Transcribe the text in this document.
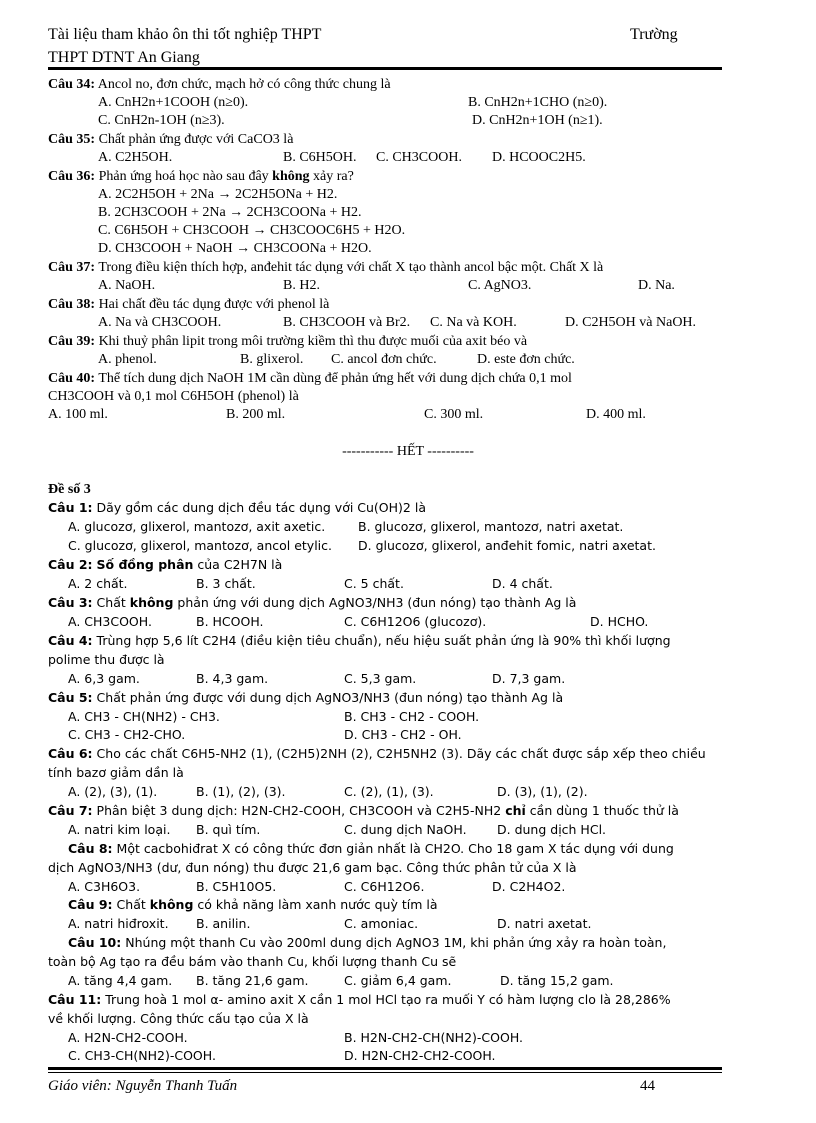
Tài liệu tham khảo ôn thi tốt nghiệp THPT	Trường
THPT DTNT An Giang
Câu 34: Ancol no, đơn chức, mạch hở có công thức chung là
A. CnH2n+1COOH (n≥0).	B. CnH2n+1CHO (n≥0).
C. CnH2n-1OH (n≥3).	D. CnH2n+1OH (n≥1).
Câu 35: Chất phản ứng được với CaCO3 là
A. C2H5OH.	B. C6H5OH. C. CH3COOH. D. HCOOC2H5.
Câu 36: Phản ứng hoá học nào sau đây không xảy ra?
A. 2C2H5OH + 2Na → 2C2H5ONa + H2.
B. 2CH3COOH + 2Na → 2CH3COONa + H2.
C. C6H5OH + CH3COOH → CH3COOC6H5 + H2O.
D. CH3COOH + NaOH → CH3COONa + H2O.
Câu 37: Trong điều kiện thích hợp, anđehit tác dụng với chất X tạo thành ancol bậc một. Chất X là
A. NaOH.	B. H2.	C. AgNO3.	D. Na.
Câu 38: Hai chất đều tác dụng được với phenol là
A. Na và CH3COOH.	B. CH3COOH và Br2. C. Na và KOH.	D. C2H5OH và NaOH.
Câu 39: Khi thuỷ phân lipit trong môi trường kiềm thì thu được muối của axit béo và
A. phenol.	B. glixerol. C. ancol đơn chức.	D. este đơn chức.
Câu 40: Thể tích dung dịch NaOH 1M cần dùng để phản ứng hết với dung dịch chứa 0,1 mol
CH3COOH và 0,1 mol C6H5OH (phenol) là
A. 100 ml.	B. 200 ml.	C. 300 ml.	D. 400 ml.
----------- HẾT ----------
Đề số 3
Câu 1: Dãy gồm các dung dịch đều tác dụng với Cu(OH)2 là
A. glucozơ, glixerol, mantozơ, axit axetic.	B. glucozơ, glixerol, mantozơ, natri axetat.
C. glucozơ, glixerol, mantozơ, ancol etylic. D. glucozơ, glixerol, anđehit fomic, natri axetat.
Câu 2: Số đồng phân của C2H7N là
A. 2 chất.	B. 3 chất.	C. 5 chất.	D. 4 chất.
Câu 3: Chất không phản ứng với dung dịch AgNO3/NH3 (đun nóng) tạo thành Ag là
A. CH3COOH.	B. HCOOH.	C. C6H12O6 (glucozơ).	D. HCHO.
Câu 4: Trùng hợp 5,6 lít C2H4 (điều kiện tiêu chuẩn), nếu hiệu suất phản ứng là 90% thì khối lượng
polime thu được là
A. 6,3 gam.	B. 4,3 gam.	C. 5,3 gam.	D. 7,3 gam.
Câu 5: Chất phản ứng được với dung dịch AgNO3/NH3 (đun nóng) tạo thành Ag là
A. CH3 - CH(NH2) - CH3.	B. CH3 - CH2 - COOH.
C. CH3 - CH2-CHO.	D. CH3 - CH2 - OH.
Câu 6: Cho các chất C6H5-NH2 (1), (C2H5)2NH (2), C2H5NH2 (3). Dãy các chất được sắp xếp theo chiều
tính bazơ giảm dần là
A. (2), (3), (1).	B. (1), (2), (3).	C. (2), (1), (3).	D. (3), (1), (2).
Câu 7: Phân biệt 3 dung dịch: H2N-CH2-COOH, CH3COOH và C2H5-NH2 chỉ cần dùng 1 thuốc thử là
A. natri kim loại. B. quì tím.	C. dung dịch NaOH. D. dung dịch HCl.
Câu 8: Một cacbohiđrat X có công thức đơn giản nhất là CH2O. Cho 18 gam X tác dụng với dung
dịch AgNO3/NH3 (dư, đun nóng) thu được 21,6 gam bạc. Công thức phân tử của X là
A. C3H6O3.	B. C5H10O5.	C. C6H12O6.	D. C2H4O2.
Câu 9: Chất không có khả năng làm xanh nước quỳ tím là
A. natri hiđroxit. B. anilin.	C. amoniac.	D. natri axetat.
Câu 10: Nhúng một thanh Cu vào 200ml dung dịch AgNO3 1M, khi phản ứng xảy ra hoàn toàn,
toàn bộ Ag tạo ra đều bám vào thanh Cu, khối lượng thanh Cu sẽ
A. tăng 4,4 gam. B. tăng 21,6 gam.	C. giảm 6,4 gam.	D. tăng 15,2 gam.
Câu 11: Trung hoà 1 mol α- amino axit X cần 1 mol HCl tạo ra muối Y có hàm lượng clo là 28,286%
về khối lượng. Công thức cấu tạo của X là
A. H2N-CH2-COOH.	B. H2N-CH2-CH(NH2)-COOH.
C. CH3-CH(NH2)-COOH.	D. H2N-CH2-CH2-COOH.
Giáo viên: Nguyễn Thanh Tuấn	44
